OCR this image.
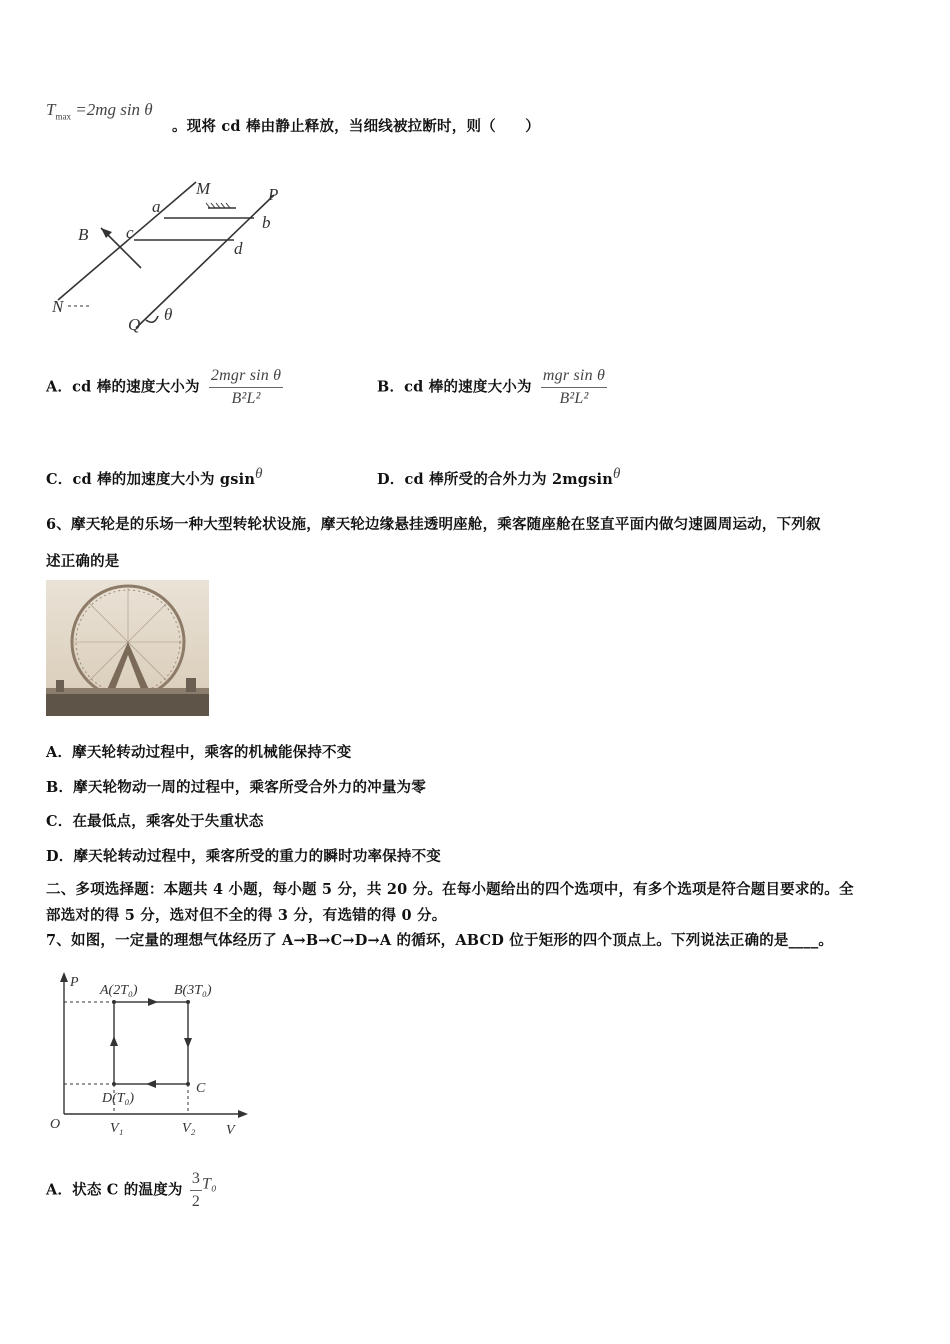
$T_{max} =2mg$ sin θ
。现将 cd 棒由静止释放，当细线被拉断时，则（　　）
M	P
a
b
B c
d
N
Q
θ
A．cd 棒的速度大小为 $\frac{\text{2mgr sin θ}}{\text{B²L²}}$	B．cd 棒的速度大小为 $\frac{\text{mgr sin θ}}{\text{B²L²}}$
C．cd 棒的加速度大小为 gsin$^\theta$	D．cd 棒所受的合外力为 2mgsin$^\theta$
6、摩天轮是的乐场一种大型转轮状设施，摩天轮边缘悬挂透明座舱，乘客随座舱在竖直平面内做匀速圆周运动，下列叙
述正确的是
A．摩天轮转动过程中，乘客的机械能保持不变
B．摩天轮物动一周的过程中，乘客所受合外力的冲量为零
C．在最低点，乘客处于失重状态
D．摩天轮转动过程中，乘客所受的重力的瞬时功率保持不变
二、多项选择题：本题共 4 小题，每小题 5 分，共 20 分。在每小题给出的四个选项中，有多个选项是符合题目要求的。全
部选对的得 5 分，选对但不全的得 3 分，有选错的得 0 分。
7、如图，一定量的理想气体经历了 A→B→C→D→A 的循环，ABCD 位于矩形的四个顶点上。下列说法正确的是____。
P
V
O
A(2T₀)	B(3T₀)
C
D(T₀)
V₁	V₂
A．状态 C 的温度为 $\frac{3}{2} T_0$
